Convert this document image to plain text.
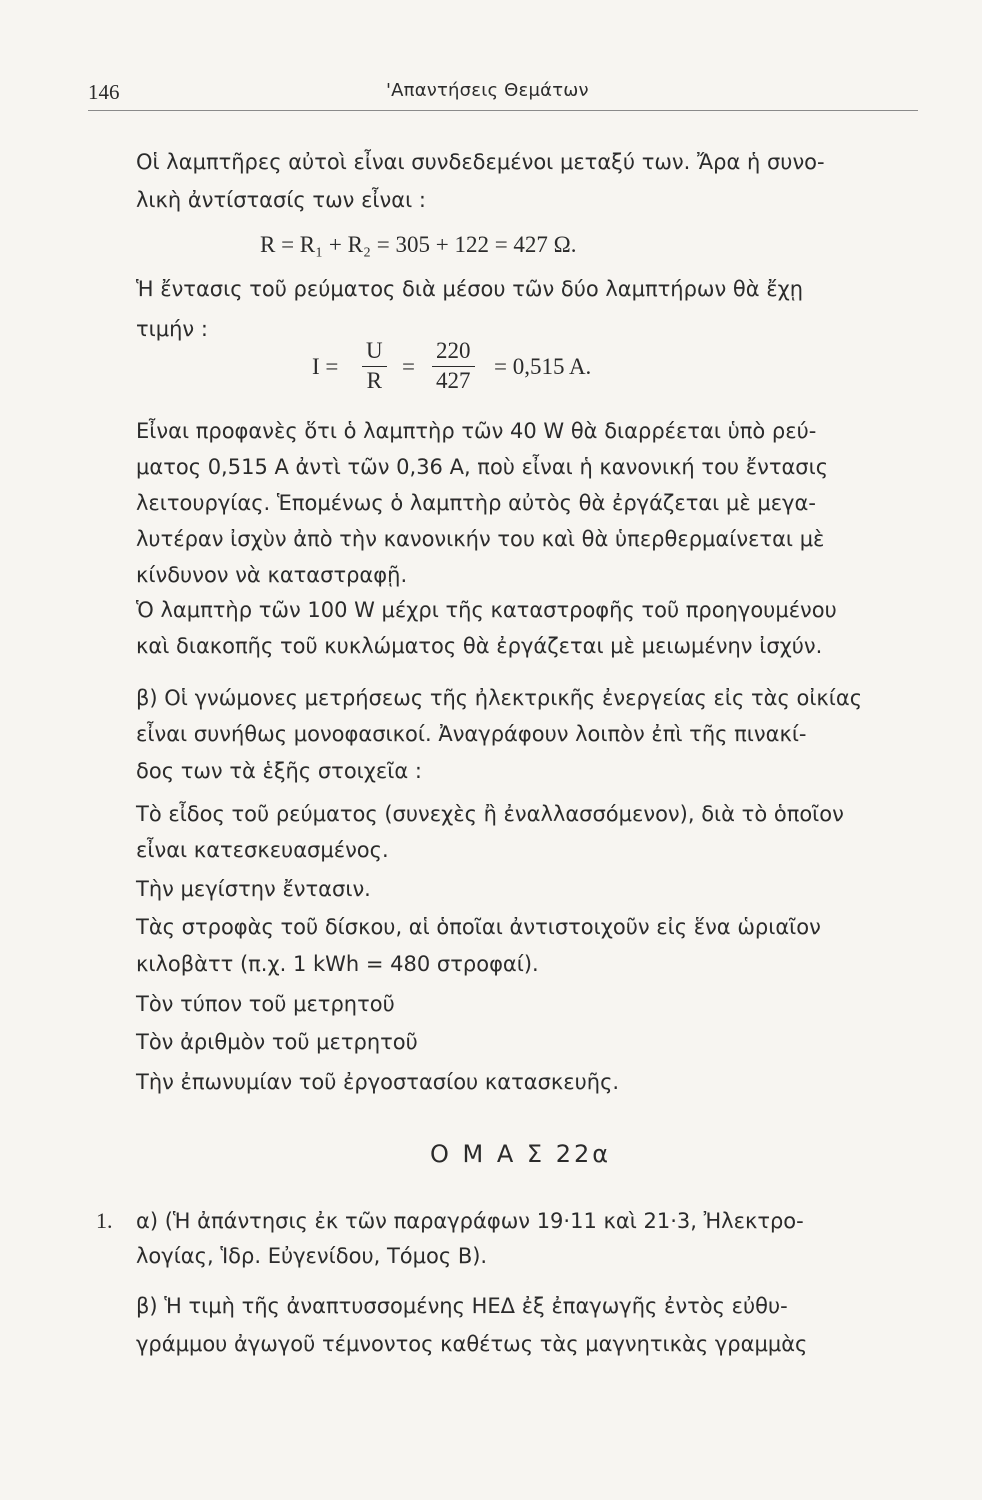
146	'Απαντήσεις Θεμάτων
Οἱ λαμπτῆρες αὐτοὶ εἶναι συνδεδεμένοι μεταξύ των. Ἄρα ἡ συνο-
λικὴ ἀντίστασίς των εἶναι :
R = R₁ + R₂ = 305 + 122 = 427 Ω.
Ἡ ἔντασις τοῦ ρεύματος διὰ μέσου τῶν δύο λαμπτήρων θὰ ἔχῃ
τιμήν :
$I = \frac{U}{R} = \frac{220}{427} = 0,515$ A.
Εἶναι προφανὲς ὅτι ὁ λαμπτὴρ τῶν 40 W θὰ διαρρέεται ὑπὸ ρεύ-
ματος 0,515 A ἀντὶ τῶν 0,36 A, ποὺ εἶναι ἡ κανονική του ἔντασις
λειτουργίας. Ἑπομένως ὁ λαμπτὴρ αὐτὸς θὰ ἐργάζεται μὲ μεγα-
λυτέραν ἰσχὺν ἀπὸ τὴν κανονικήν του καὶ θὰ ὑπερθερμαίνεται μὲ
κίνδυνον νὰ καταστραφῇ.
Ὁ λαμπτὴρ τῶν 100 W μέχρι τῆς καταστροφῆς τοῦ προηγουμένου
καὶ διακοπῆς τοῦ κυκλώματος θὰ ἐργάζεται μὲ μειωμένην ἰσχύν.
β) Οἱ γνώμονες μετρήσεως τῆς ἠλεκτρικῆς ἐνεργείας εἰς τὰς οἰκίας
εἶναι συνήθως μονοφασικοί. Ἀναγράφουν λοιπὸν ἐπὶ τῆς πινακί-
δος των τὰ ἑξῆς στοιχεῖα :
Τὸ εἶδος τοῦ ρεύματος (συνεχὲς ἢ ἐναλλασσόμενον), διὰ τὸ ὁποῖον
εἶναι κατεσκευασμένος.
Τὴν μεγίστην ἔντασιν.
Τὰς στροφὰς τοῦ δίσκου, αἱ ὁποῖαι ἀντιστοιχοῦν εἰς ἕνα ὡριαῖον
κιλοβὰττ (π.χ. 1 kWh = 480 στροφαί).
Τὸν τύπον τοῦ μετρητοῦ
Τὸν ἀριθμὸν τοῦ μετρητοῦ
Τὴν ἐπωνυμίαν τοῦ ἐργοστασίου κατασκευῆς.
Ο Μ Α Σ 22α
1. α) (Ἡ ἀπάντησις ἐκ τῶν παραγράφων 19·11 καὶ 21·3, Ἠλεκτρο-
λογίας, Ἱδρ. Εὐγενίδου, Τόμος Β).
β) Ἡ τιμὴ τῆς ἀναπτυσσομένης ΗΕΔ ἐξ ἐπαγωγῆς ἐντὸς εὐθυ-
γράμμου ἀγωγοῦ τέμνοντος καθέτως τὰς μαγνητικὰς γραμμὰς
